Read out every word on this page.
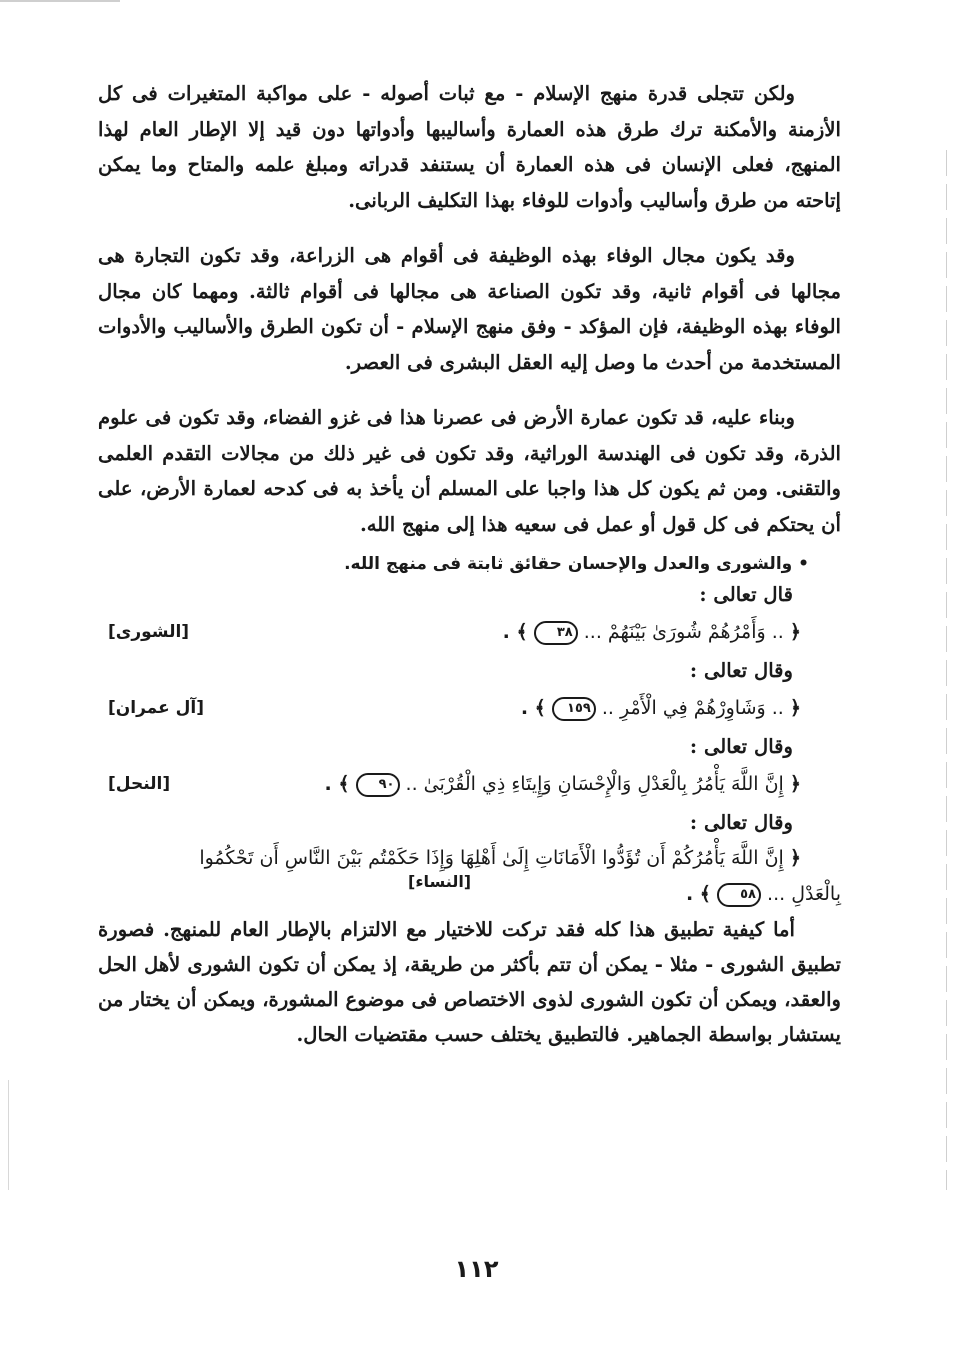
ولكن تتجلى قدرة منهج الإسلام - مع ثبات أصوله - على مواكبة المتغيرات فى كل الأزمنة والأمكنة ترك طرق هذه العمارة وأساليبها وأدواتها دون قيد إلا الإطار العام لهذا المنهج، فعلى الإنسان فى هذه العمارة أن يستنفد قدراته ومبلغ علمه والمتاح وما يمكن إتاحته من طرق وأساليب وأدوات للوفاء بهذا التكليف الربانى.

وقد يكون مجال الوفاء بهذه الوظيفة فى أقوام هى الزراعة، وقد تكون التجارة هى مجالها فى أقوام ثانية، وقد تكون الصناعة هى مجالها فى أقوام ثالثة. ومهما كان مجال الوفاء بهذه الوظيفة، فإن المؤكد - وفق منهج الإسلام - أن تكون الطرق والأساليب والأدوات المستخدمة من أحدث ما وصل إليه العقل البشرى فى العصر.

وبناء عليه، قد تكون عمارة الأرض فى عصرنا هذا فى غزو الفضاء، وقد تكون فى علوم الذرة، وقد تكون فى الهندسة الوراثية، وقد تكون فى غير ذلك من مجالات التقدم العلمى والتقنى. ومن ثم يكون كل هذا واجبا على المسلم أن يأخذ به فى كدحه لعمارة الأرض، على أن يحتكم فى كل قول أو عمل فى سعيه هذا إلى منهج الله.

• والشورى والعدل والإحسان حقائق ثابتة فى منهج الله.

قال تعالى :

﴿ .. وَأَمْرُهُمْ شُورَىٰ بَيْنَهُمْ ... ٣٨ ﴾ .
[الشورى]

وقال تعالى :

﴿ .. وَشَاوِرْهُمْ فِي الْأَمْرِ .. ١٥٩ ﴾ .
[آل عمران]

وقال تعالى :

﴿ إِنَّ اللَّهَ يَأْمُرُ بِالْعَدْلِ وَالْإِحْسَانِ وَإِيتَاءِ ذِي الْقُرْبَىٰ .. ٩٠ ﴾ .
[النحل]

وقال تعالى :

﴿ إِنَّ اللَّهَ يَأْمُرُكُمْ أَن تُؤَدُّوا الْأَمَانَاتِ إِلَىٰ أَهْلِهَا وَإِذَا حَكَمْتُم بَيْنَ النَّاسِ أَن تَحْكُمُوا
بِالْعَدْلِ ... ٥٨ ﴾ .
[النساء]

أما كيفية تطبيق هذا كله فقد تركت للاختيار مع الالتزام بالإطار العام للمنهج. فصورة تطبيق الشورى - مثلا - يمكن أن تتم بأكثر من طريقة، إذ يمكن أن تكون الشورى لأهل الحل والعقد، ويمكن أن تكون الشورى لذوى الاختصاص فى موضوع المشورة، ويمكن أن يختار من يستشار بواسطة الجماهير. فالتطبيق يختلف حسب مقتضيات الحال.

١١٢
